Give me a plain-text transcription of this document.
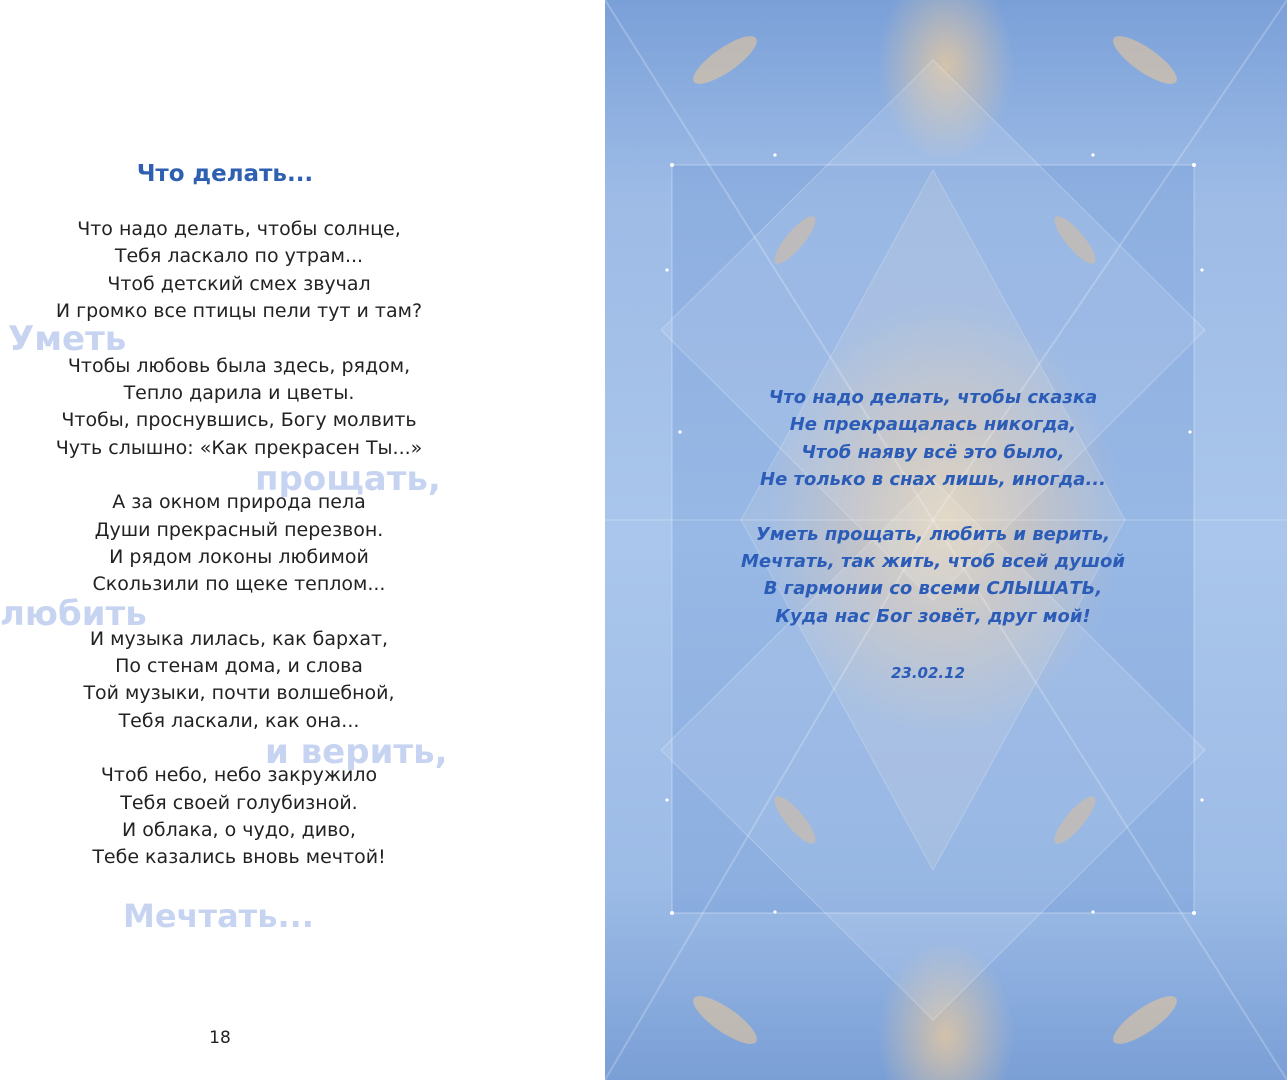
Уметь
прощать,
любить
и верить,
Мечтать...
Что делать...
Что надо делать, чтобы солнце,
Тебя ласкало по утрам...
Чтоб детский смех звучал
И громко все птицы пели тут и там?
Чтобы любовь была здесь, рядом,
Тепло дарила и цветы.
Чтобы, проснувшись, Богу молвить
Чуть слышно: «Как прекрасен Ты...»
А за окном природа пела
Души прекрасный перезвон.
И рядом локоны любимой
Скользили по щеке теплом...
И музыка лилась, как бархат,
По стенам дома, и слова
Той музыки, почти волшебной,
Тебя ласкали, как она...
Чтоб небо, небо закружило
Тебя своей голубизной.
И облака, о чудо, диво,
Тебе казались вновь мечтой!
18
Что надо делать, чтобы сказка
Не прекращалась никогда,
Чтоб наяву всё это было,
Не только в снах лишь, иногда...
Уметь прощать, любить и верить,
Мечтать, так жить, чтоб всей душой
В гармонии со всеми СЛЫШАТЬ,
Куда нас Бог зовёт, друг мой!
23.02.12
